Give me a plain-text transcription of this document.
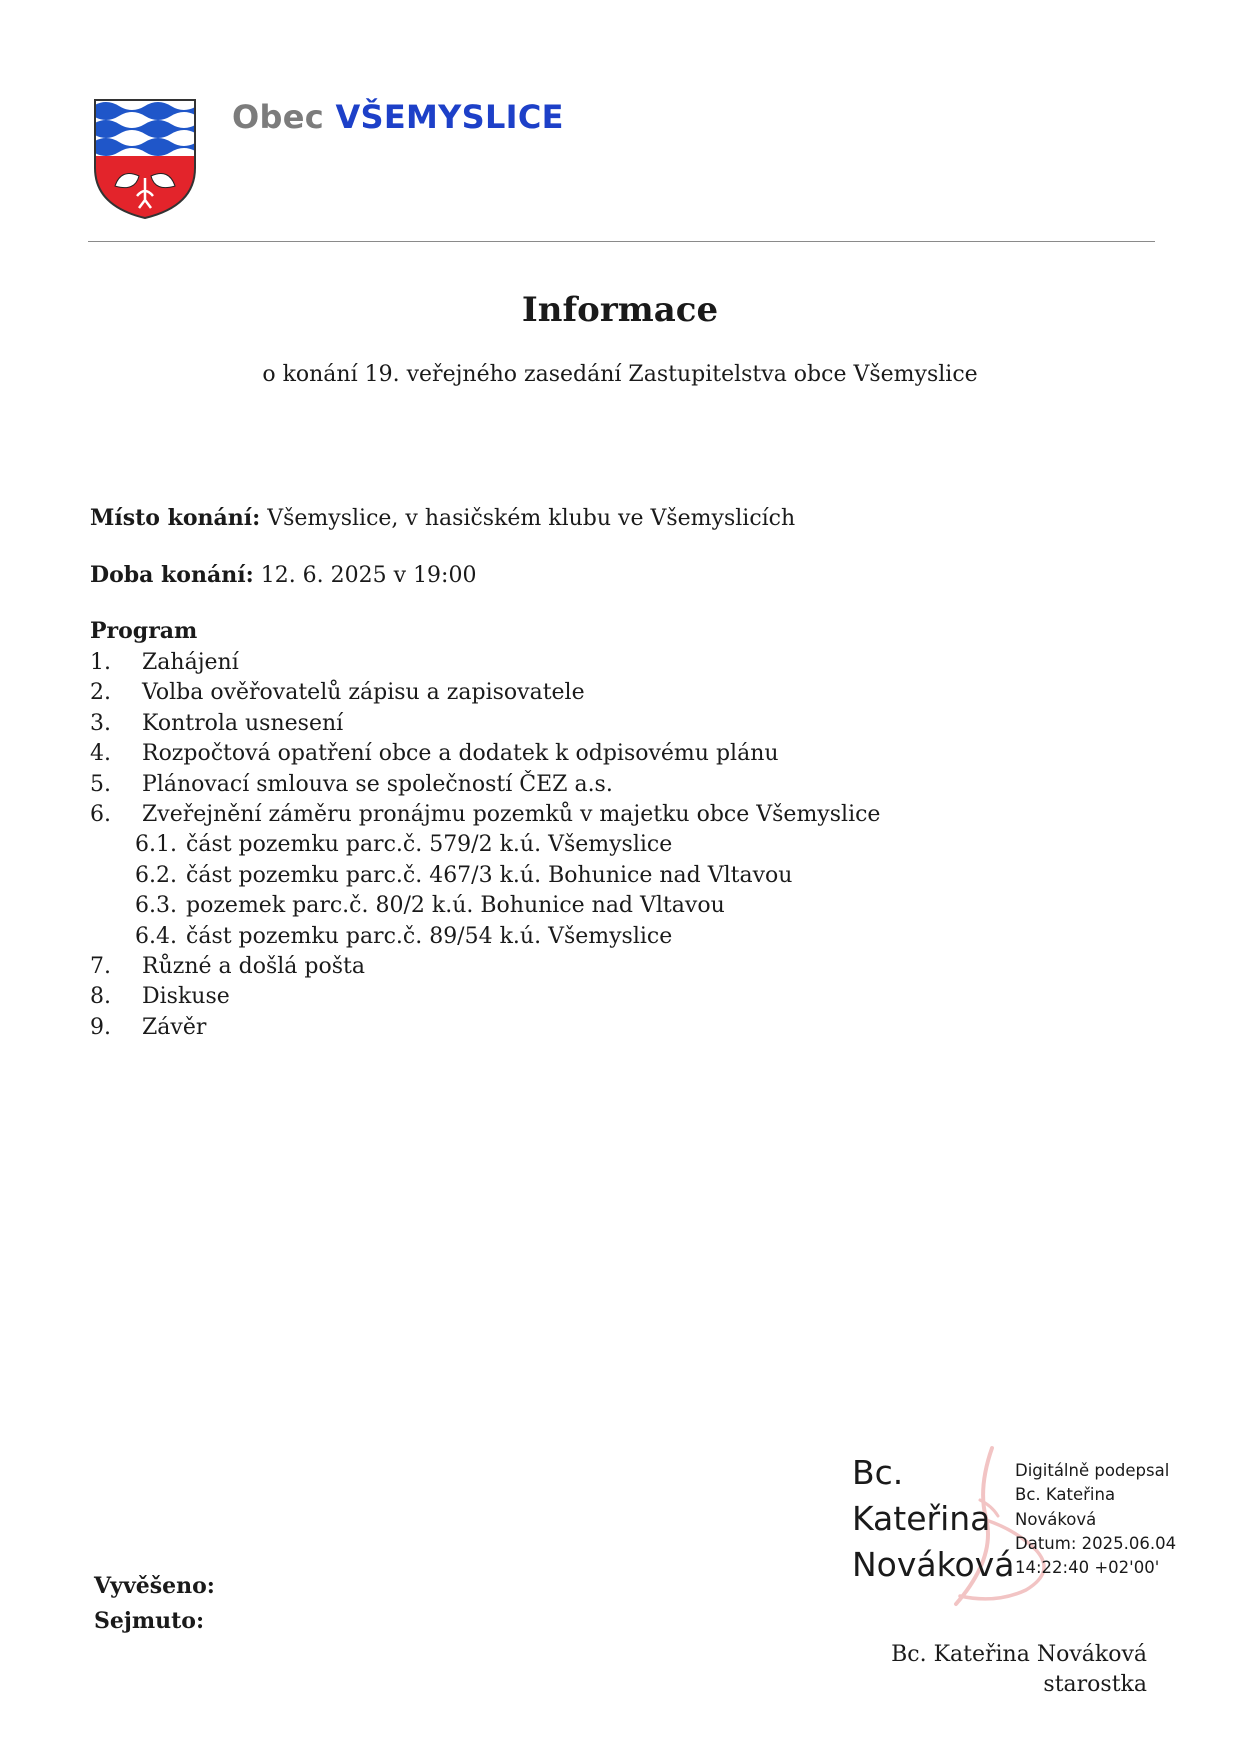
Obec VŠEMYSLICE
Informace
o konání 19. veřejného zasedání Zastupitelstva obce Všemyslice
Místo konání: Všemyslice, v hasičském klubu ve Všemyslicích
Doba konání: 12. 6. 2025 v 19:00
Program
1. Zahájení
2. Volba ověřovatelů zápisu a zapisovatele
3. Kontrola usnesení
4. Rozpočtová opatření obce a dodatek k odpisovému plánu
5. Plánovací smlouva se společností ČEZ a.s.
6. Zveřejnění záměru pronájmu pozemků v majetku obce Všemyslice
6.1. část pozemku parc.č. 579/2 k.ú. Všemyslice
6.2. část pozemku parc.č. 467/3 k.ú. Bohunice nad Vltavou
6.3. pozemek parc.č. 80/2 k.ú. Bohunice nad Vltavou
6.4. část pozemku parc.č. 89/54 k.ú. Všemyslice
7. Různé a došlá pošta
8. Diskuse
9. Závěr
Vyvěšeno:
Sejmuto:
Bc.
Kateřina
Nováková
Digitálně podepsal
Bc. Kateřina
Nováková
Datum: 2025.06.04
14:22:40 +02'00'
Bc. Kateřina Nováková
starostka
